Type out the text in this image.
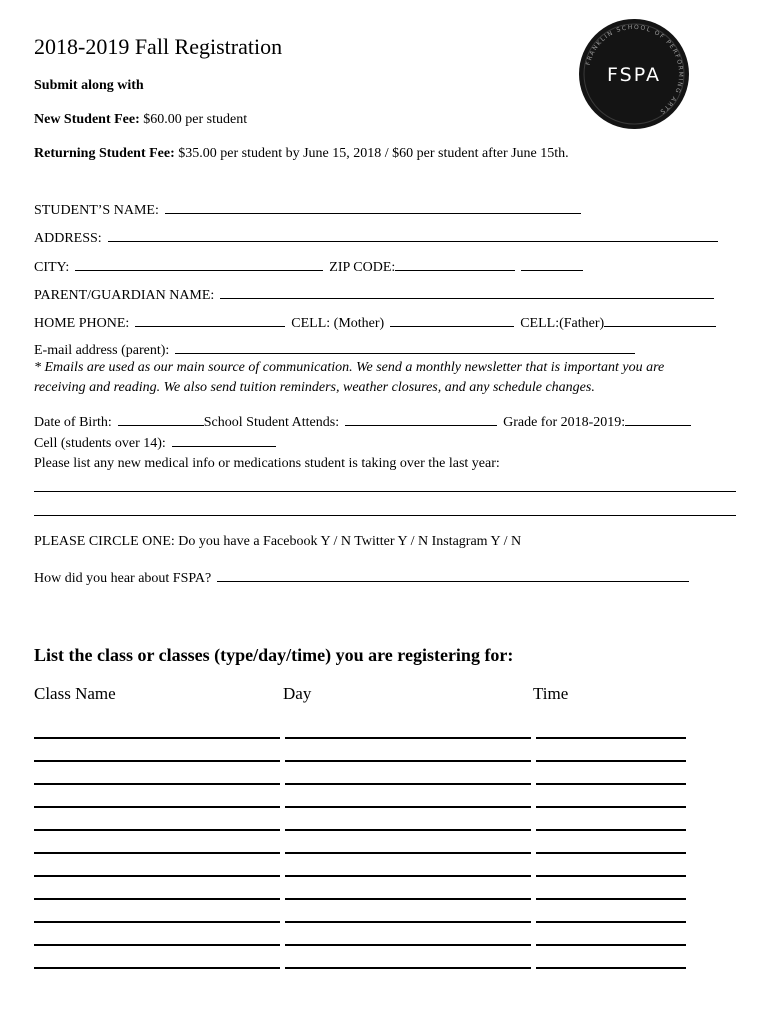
2018-2019 Fall Registration
Submit along with
New Student Fee: $60.00 per student
Returning Student Fee: $35.00 per student by June 15, 2018 / $60 per student after June 15th.
FRANKLIN SCHOOL OF PERFORMING ARTS
FSPA
STUDENT’S NAME:
ADDRESS:
CITY:	ZIP CODE:
PARENT/GUARDIAN NAME:
HOME PHONE:	CELL: (Mother)	CELL:(Father)
E-mail address (parent):
* Emails are used as our main source of communication. We send a monthly newsletter that is important you are
receiving and reading. We also send tuition reminders, weather closures, and any schedule changes.
Date of Birth:	School Student Attends:	Grade for 2018-2019:
Cell (students over 14):
Please list any new medical info or medications student is taking over the last year:
PLEASE CIRCLE ONE: Do you have a Facebook Y / N Twitter Y / N Instagram Y / N
How did you hear about FSPA?
List the class or classes (type/day/time) you are registering for:
Class Name	Day	Time
